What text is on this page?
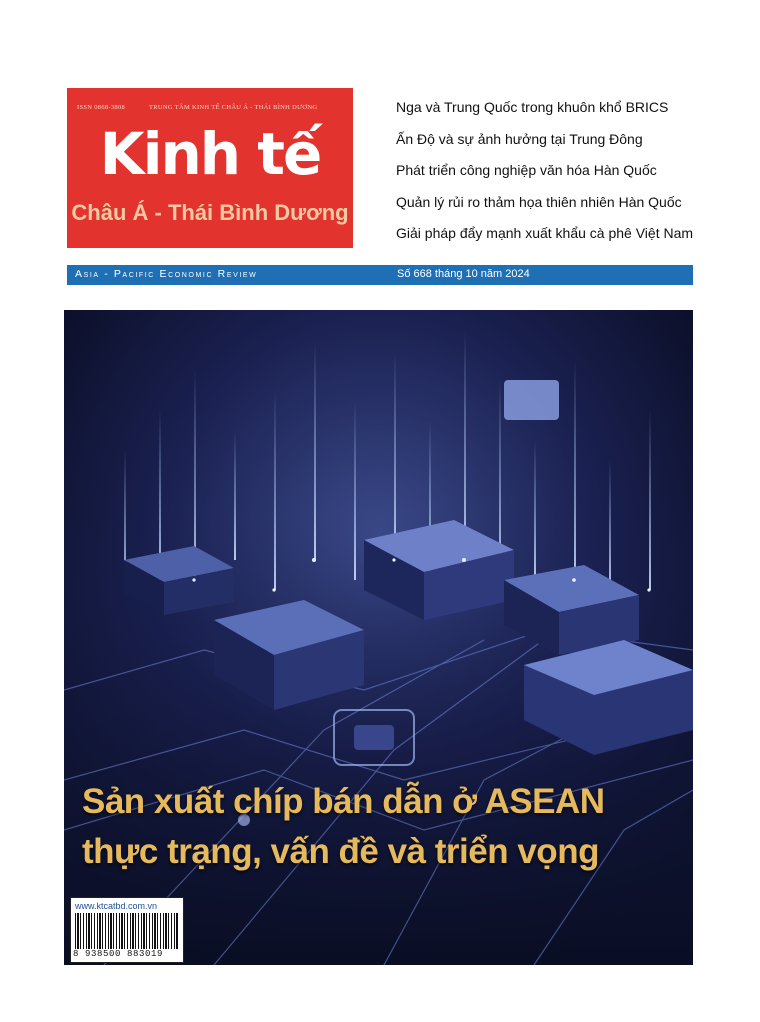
ISSN 0868-3808	TRUNG TÂM KINH TẾ CHÂU Á - THÁI BÌNH DƯƠNG
Kinh tế
Châu Á - Thái Bình Dương
Nga và Trung Quốc trong khuôn khổ BRICS
Ấn Độ và sự ảnh hưởng tại Trung Đông
Phát triển công nghiệp văn hóa Hàn Quốc
Quản lý rủi ro thảm họa thiên nhiên Hàn Quốc
Giải pháp đẩy mạnh xuất khẩu cà phê Việt Nam
Asia - Pacific Economic Review	Số 668 tháng 10 năm 2024
Sản xuất chíp bán dẫn ở ASEAN
thực trạng, vấn đề và triển vọng
www.ktcatbd.com.vn
8 938500 883019
